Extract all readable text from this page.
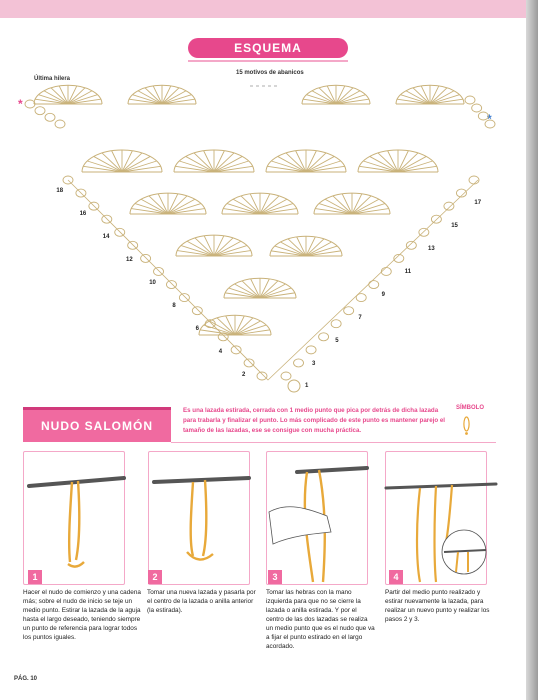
ESQUEMA
Última hilera
15 motivos de abanicos
*
*
2
3
4
5
6
7
8
9
10
11
12
13
14
15
16
17
18
1
NUDO SALOMÓN
Es una lazada estirada, cerrada con 1 medio punto que pica por detrás de dicha lazada para trabarla y finalizar el punto. Lo más complicado de este punto es mantener parejo el tamaño de las lazadas, ese se consigue con mucha práctica.
SÍMBOLO
1	2	3	4
Hacer el nudo de comienzo y una cadena más; sobre el nudo de inicio se teje un medio punto. Estirar la lazada de la aguja hasta el largo deseado, teniendo siempre un punto de referencia para lograr todos los puntos iguales.
Tomar una nueva lazada y pasarla por el centro de la lazada o anilla anterior (la estirada).
Tomar las hebras con la mano izquierda para que no se cierre la lazada o anilla estirada. Y por el centro de las dos lazadas se realiza un medio punto que es el nudo que va a fijar el punto estirado en el largo acordado.
Partir del medio punto realizado y estirar nuevamente la lazada, para realizar un nuevo punto y realizar los pasos 2 y 3.
PÁG. 10
